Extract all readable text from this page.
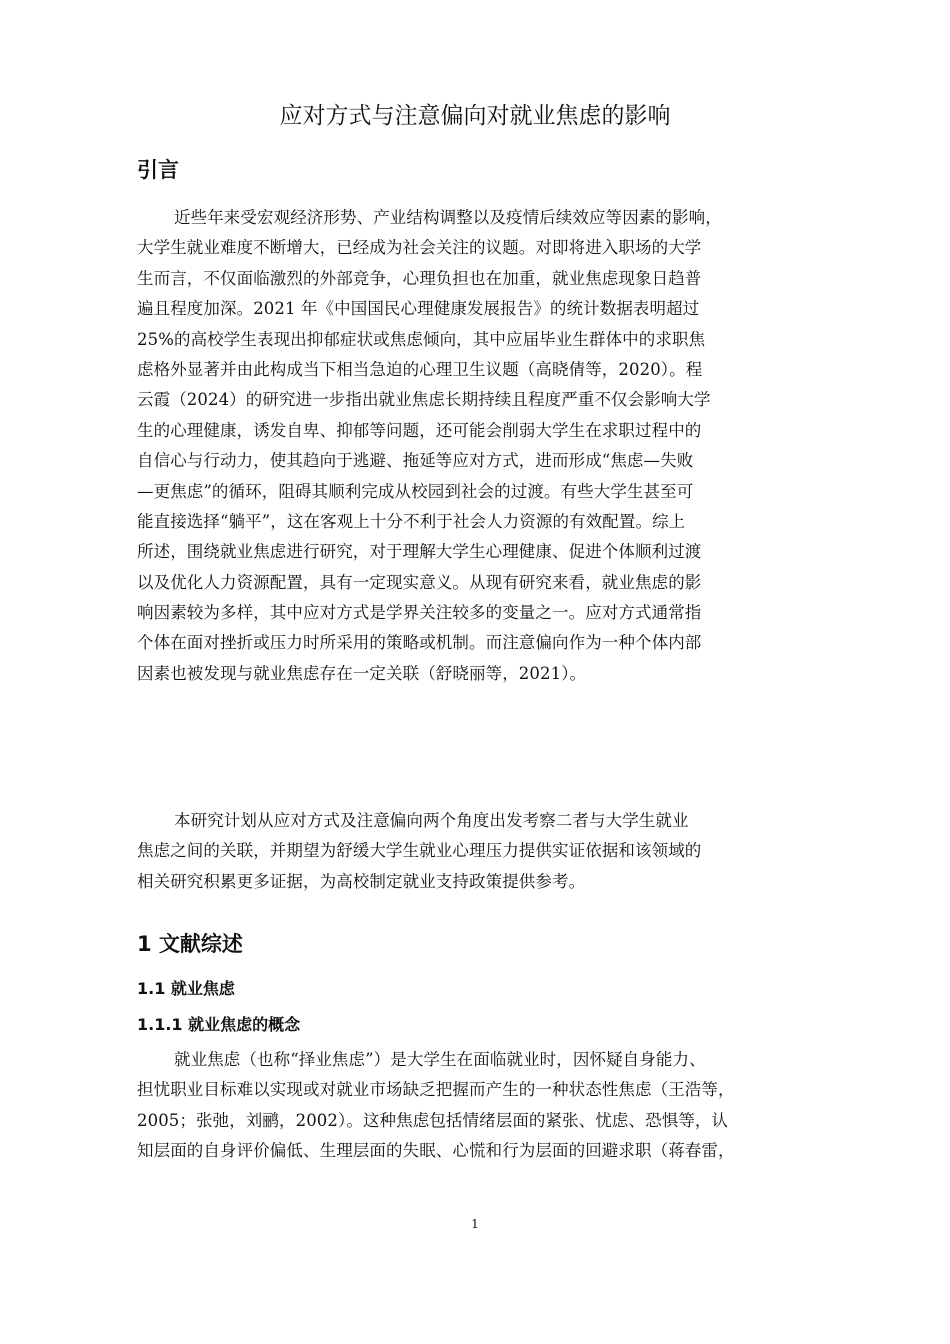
应对方式与注意偏向对就业焦虑的影响
引言
近些年来受宏观经济形势、产业结构调整以及疫情后续效应等因素的影响，
大学生就业难度不断增大，已经成为社会关注的议题。对即将进入职场的大学
生而言，不仅面临激烈的外部竞争，心理负担也在加重，就业焦虑现象日趋普
遍且程度加深。2021 年《中国国民心理健康发展报告》的统计数据表明超过
25%的高校学生表现出抑郁症状或焦虑倾向，其中应届毕业生群体中的求职焦
虑格外显著并由此构成当下相当急迫的心理卫生议题（高晓倩等，2020）。程
云霞（2024）的研究进一步指出就业焦虑长期持续且程度严重不仅会影响大学
生的心理健康，诱发自卑、抑郁等问题，还可能会削弱大学生在求职过程中的
自信心与行动力，使其趋向于逃避、拖延等应对方式，进而形成“焦虑—失败
—更焦虑”的循环，阻碍其顺利完成从校园到社会的过渡。有些大学生甚至可
能直接选择“躺平”，这在客观上十分不利于社会人力资源的有效配置。综上
所述，围绕就业焦虑进行研究，对于理解大学生心理健康、促进个体顺利过渡
以及优化人力资源配置，具有一定现实意义。从现有研究来看，就业焦虑的影
响因素较为多样，其中应对方式是学界关注较多的变量之一。应对方式通常指
个体在面对挫折或压力时所采用的策略或机制。而注意偏向作为一种个体内部
因素也被发现与就业焦虑存在一定关联（舒晓丽等，2021）。
本研究计划从应对方式及注意偏向两个角度出发考察二者与大学生就业
焦虑之间的关联，并期望为舒缓大学生就业心理压力提供实证依据和该领域的
相关研究积累更多证据，为高校制定就业支持政策提供参考。
1 文献综述
1.1 就业焦虑
1.1.1 就业焦虑的概念
就业焦虑（也称“择业焦虑”）是大学生在面临就业时，因怀疑自身能力、
担忧职业目标难以实现或对就业市场缺乏把握而产生的一种状态性焦虑（王浩等，
2005；张弛，刘鹂，2002）。这种焦虑包括情绪层面的紧张、忧虑、恐惧等，认
知层面的自身评价偏低、生理层面的失眠、心慌和行为层面的回避求职（蒋春雷，
1
